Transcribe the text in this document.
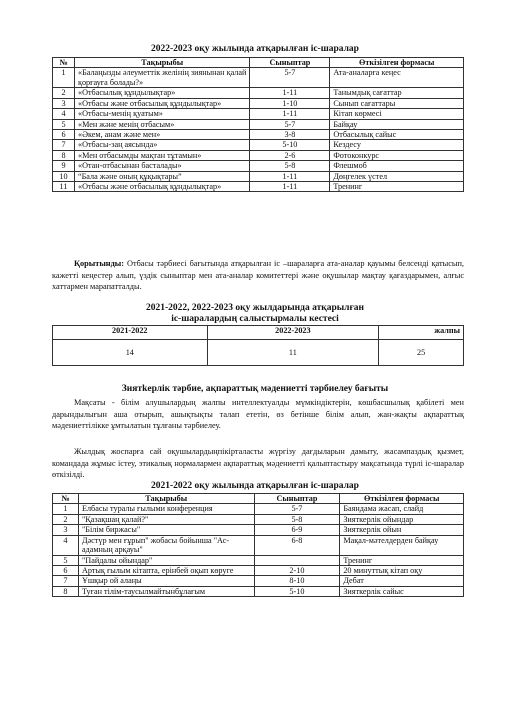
2022-2023 оқу жылында атқарылған іс-шаралар
№	Тақырыбы	Сыныптар	Өткізілген формасы
1	«Балаңызды әлеуметтік желінің зиянынан қалай қорғауға болады?»	5-7	Ата-аналарға кеңес
2	«Отбасылық құндылықтар»	1-11	Танымдық сағаттар
3	«Отбасы және отбасылық құндылықтар»	1-10	Сынып сағаттары
4	«Отбасы-менің қуатым»	1-11	Кітап көрмесі
5	«Мен және менің отбасым»	5-7	Байқау
6	«Әкем, анам және мен»	3-8	Отбасылық сайыс
7	«Отбасы-заң аясында»	5-10	Кездесу
8	«Мен отбасымды мақтан тұтамын»	2-6	Фотоконкурс
9	«Отан-отбасынан басталады»	5-8	Флешмоб
10	“Бала және оның құқықтары”	1-11	Дөңгелек үстел
11	«Отбасы және отбасылық құндылықтар»	1-11	Тренинг
Қорытынды: Отбасы тәрбиесі бағытында атқарылған іс –шараларға ата-аналар қауымы белсенді қатысып, кажетті кеңестер алып, үздік сыныптар мен ата-аналар комитеттері және оқушылар мақтау қағаздарымен, алғыс хаттармен марапатталды.
2021-2022, 2022-2023 оқу жылдарында атқарылған
іс-шаралардың салыстырмалы кестесі
2021-2022	2022-2023	жалпы
14	11	25
Зиятkерлік тәрбие, ақпараттық мәдениетті тәрбиелеу бағыты
Мақсаты - білім алушылардың жалпы интеллектуалды мүмкіндіктерін, көшбасшылық қабілеті мен дарындылығын аша отырып, ашықтықты талап ететін, өз бетінше білім алып, жан-жақты ақпараттық мәдениеттілікке ұмтылатын тұлғаны тәрбиелеу.
Жылдық жоспарға сай оқушылардыңпікірталасты жүргізу дағдыларын дамыту, жасампаздық қызмет, командада жұмыс істеу, этикалық нормалармен ақпараттық мәдениетті қалыптастыру мақсатында түрлі іс-шаралар өткізілді.
2021-2022 оқу жылында атқарылған іс-шаралар
№	Тақырыбы	Сыныптар	Өткізілген формасы
1	Елбасы туралы ғылыми конференция	5-7	Баяндама жасап, слайд
2	"Қазақшаң қалай?"	5-8	Зияткерлік ойындар
3	"Білім биржасы"	6-9	Зияткерлік ойын
4	Дәстүр мен ғұрып" жобасы бойынша "Ас-адамның арқауы"	6-8	Мақал-мәтелдерден байқау
5	"Пайдалы ойындар"		Тренинг
6	Артық ғылым кітапта, ерінбей оқып көруге	2-10	20 минуттық кітап оқу
7	Ұшқыр ой алаңы	8-10	Дебат
8	Туған тілім-таусылмайтынбұлағым	5-10	Зияткерлік сайыс
